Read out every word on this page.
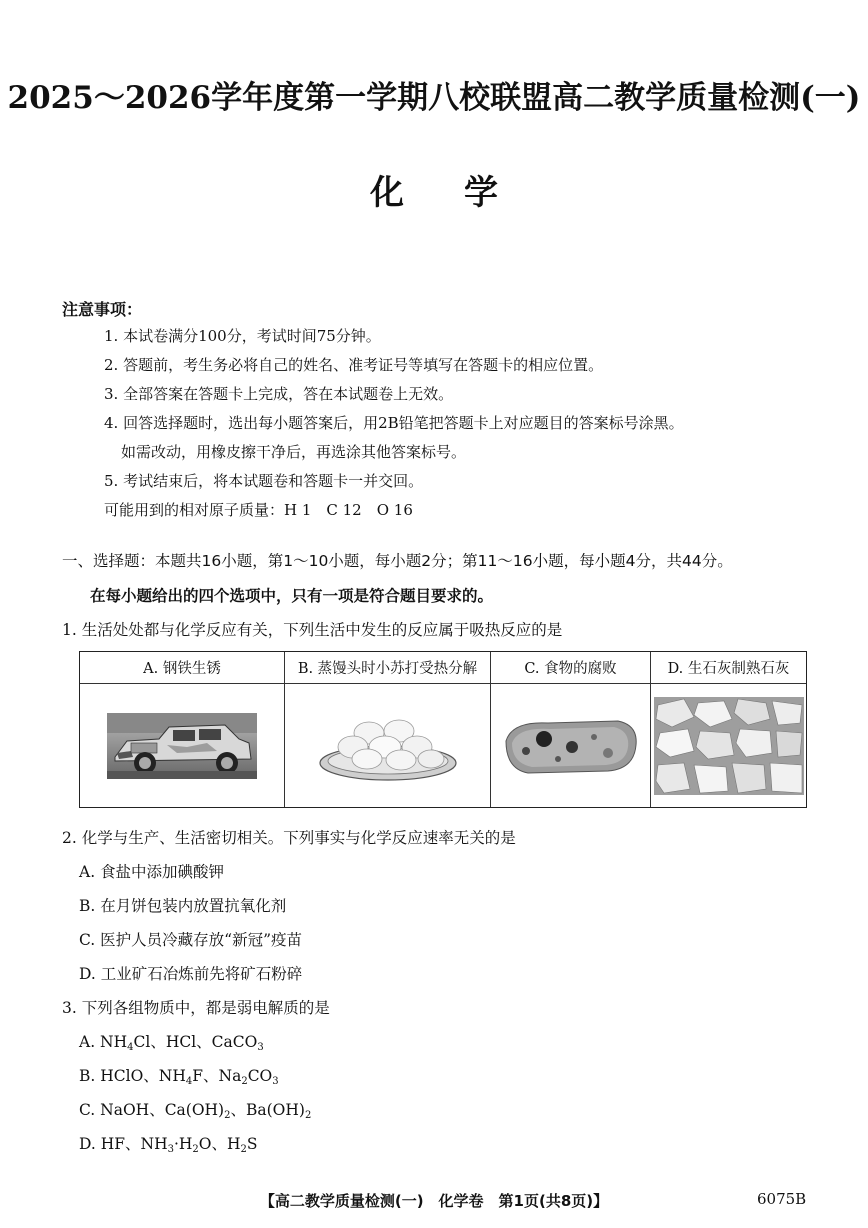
2025～2026学年度第一学期八校联盟高二教学质量检测(一)
化学
注意事项：
1. 本试卷满分100分，考试时间75分钟。
2. 答题前，考生务必将自己的姓名、准考证号等填写在答题卡的相应位置。
3. 全部答案在答题卡上完成，答在本试题卷上无效。
4. 回答选择题时，选出每小题答案后，用2B铅笔把答题卡上对应题目的答案标号涂黑。
如需改动，用橡皮擦干净后，再选涂其他答案标号。
5. 考试结束后，将本试题卷和答题卡一并交回。
可能用到的相对原子质量：H 1　C 12　O 16
一、选择题：本题共16小题，第1～10小题，每小题2分；第11～16小题，每小题4分，共44分。
在每小题给出的四个选项中，只有一项是符合题目要求的。
1. 生活处处都与化学反应有关，下列生活中发生的反应属于吸热反应的是
A. 钢铁生锈	B. 蒸馒头时小苏打受热分解	C. 食物的腐败	D. 生石灰制熟石灰
2. 化学与生产、生活密切相关。下列事实与化学反应速率无关的是
A. 食盐中添加碘酸钾
B. 在月饼包装内放置抗氧化剂
C. 医护人员冷藏存放“新冠”疫苗
D. 工业矿石冶炼前先将矿石粉碎
3. 下列各组物质中，都是弱电解质的是
A. $NH_4Cl$、HCl、CaCO$_3$
B. HClO、$NH_4F$、$Na_2CO_3$
C. NaOH、$Ca(OH)_2$、$Ba(OH)_2$
D. HF、$NH_3\cdot H_2O$、$H_2S$
【高二教学质量检测(一)　化学卷　第1页(共8页)】	6075B
